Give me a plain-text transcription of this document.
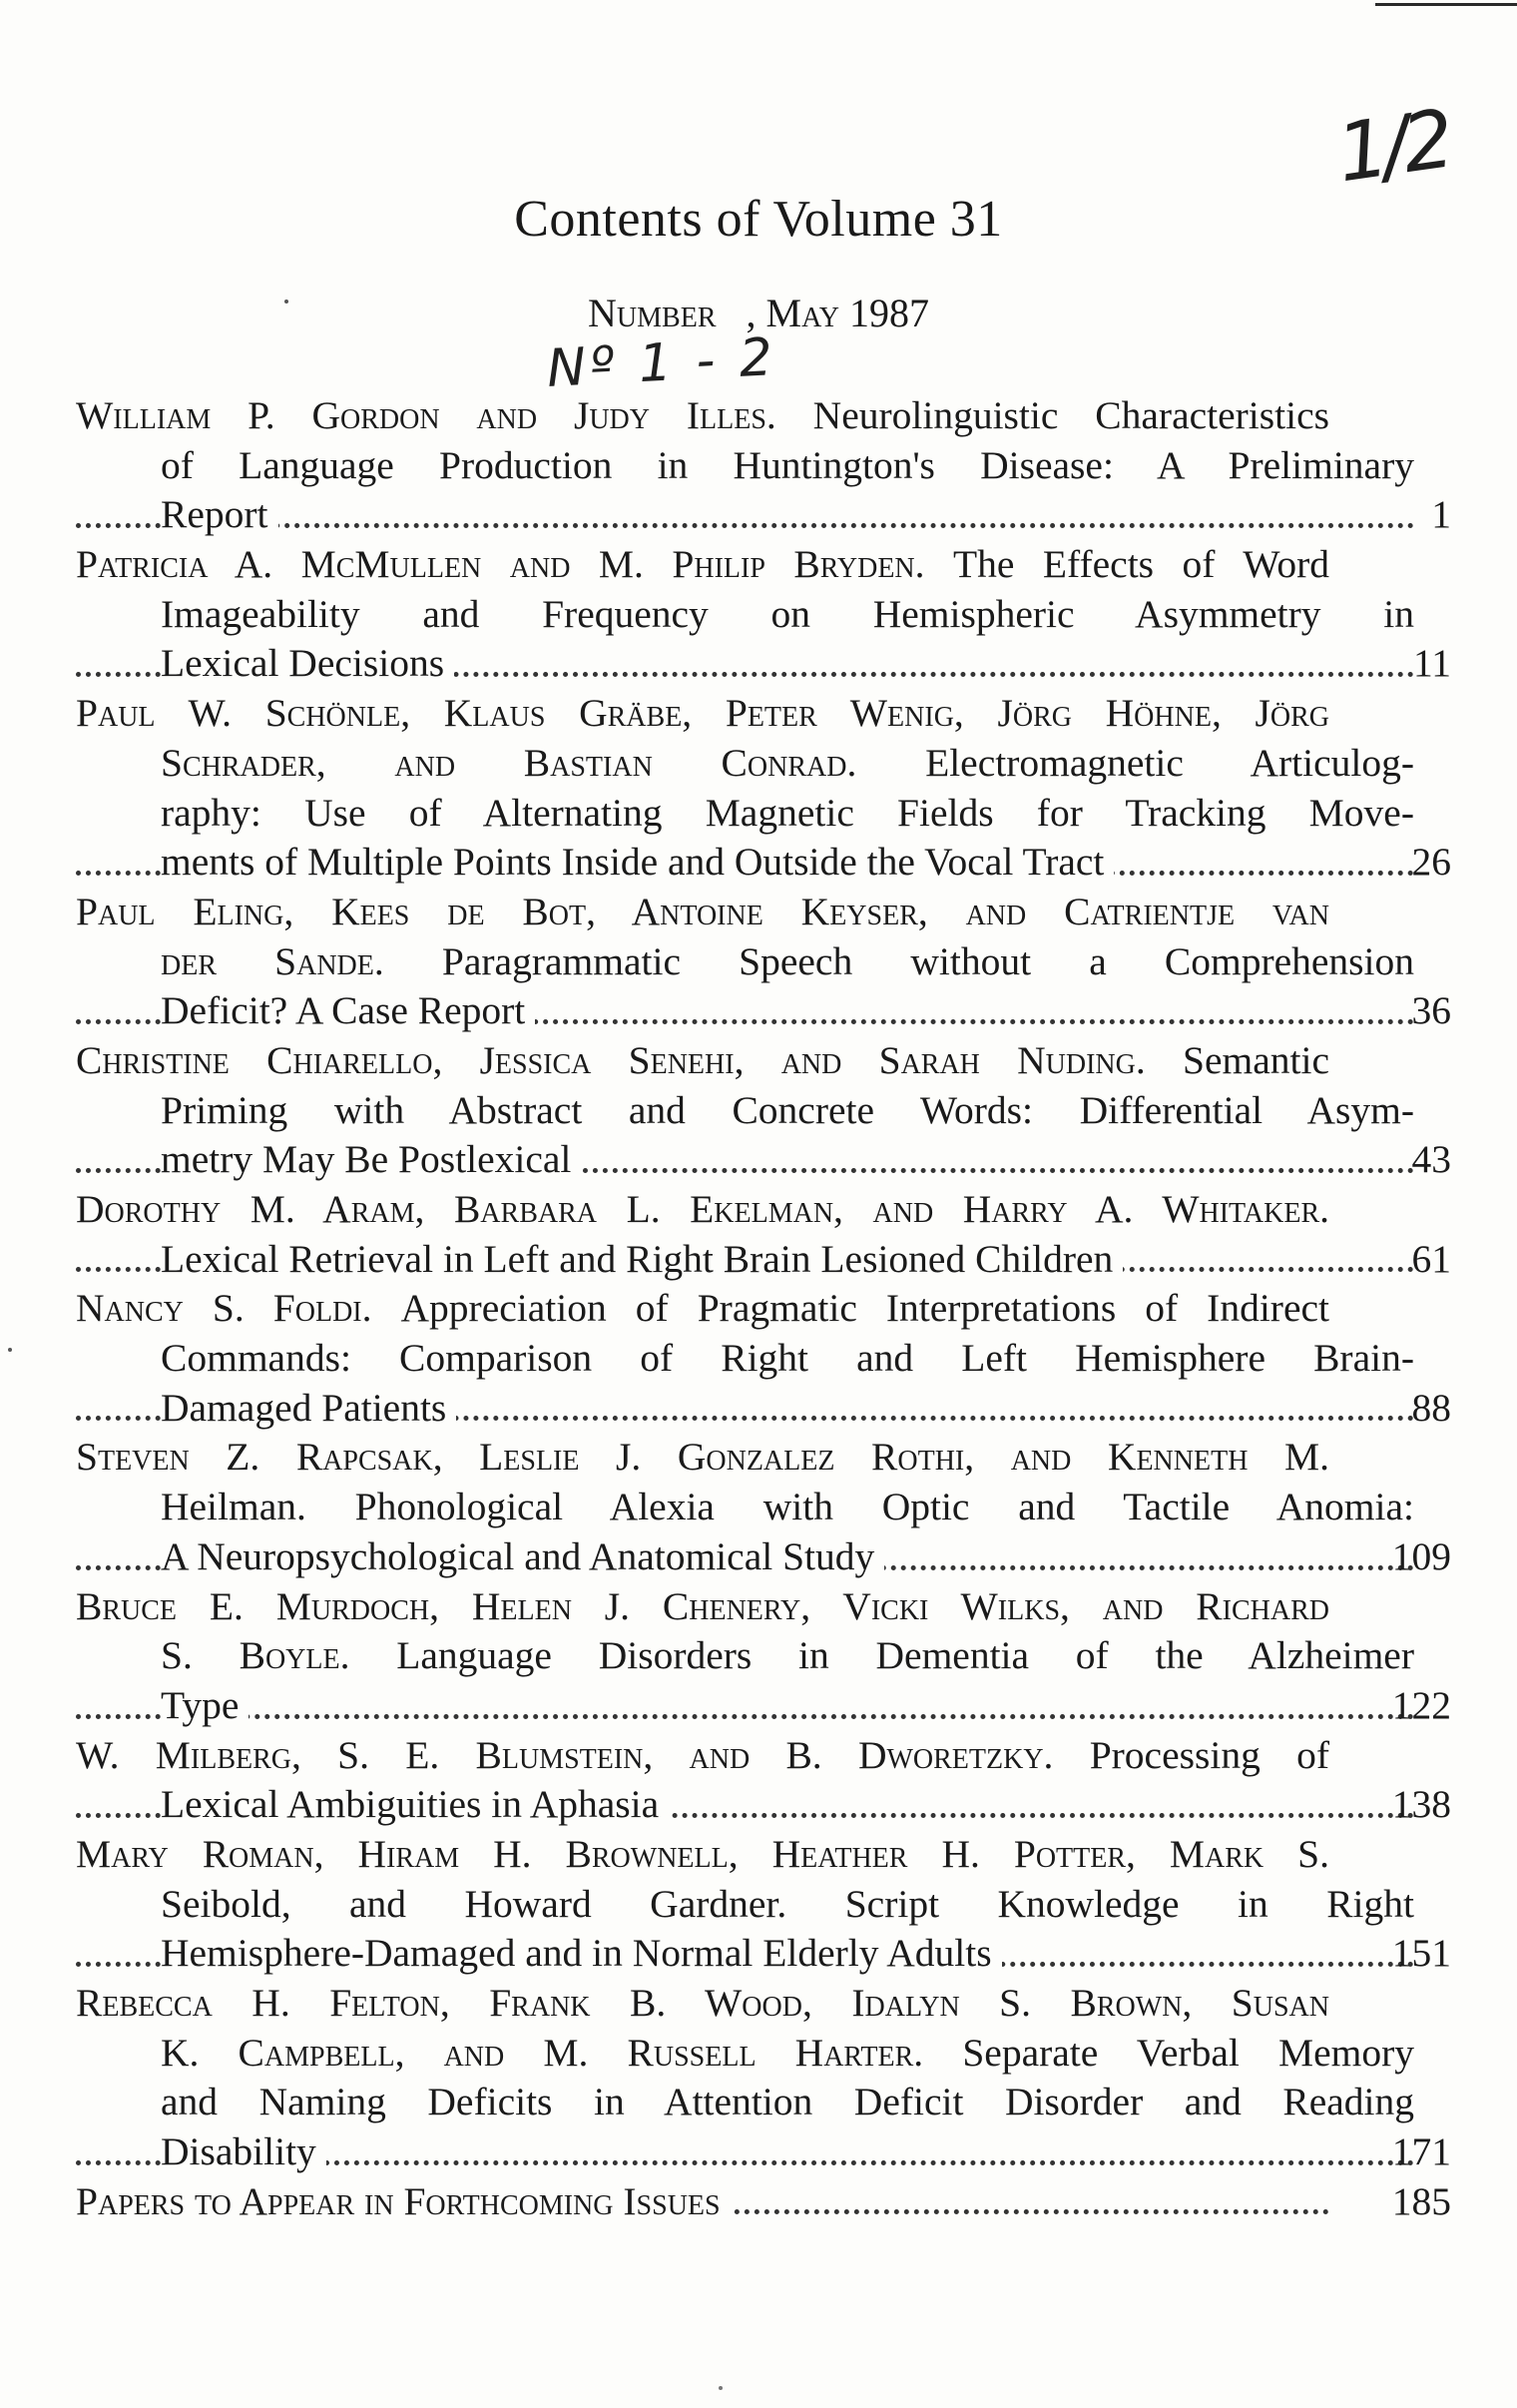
1/2
Nº 1 - 2
Contents of Volume 31
Number , May 1987
William P. Gordon and Judy Illes. Neurolinguistic Characteristics
of Language Production in Huntington's Disease: A Preliminary
Report	1
Patricia A. McMullen and M. Philip Bryden. The Effects of Word
Imageability and Frequency on Hemispheric Asymmetry in
Lexical Decisions	11
Paul W. Schönle, Klaus Gräbe, Peter Wenig, Jörg Höhne, Jörg
Schrader, and Bastian Conrad. Electromagnetic Articulog-
raphy: Use of Alternating Magnetic Fields for Tracking Move-
ments of Multiple Points Inside and Outside the Vocal Tract	26
Paul Eling, Kees de Bot, Antoine Keyser, and Catrientje van
der Sande. Paragrammatic Speech without a Comprehension
Deficit? A Case Report	36
Christine Chiarello, Jessica Senehi, and Sarah Nuding. Semantic
Priming with Abstract and Concrete Words: Differential Asym-
metry May Be Postlexical	43
Dorothy M. Aram, Barbara L. Ekelman, and Harry A. Whitaker.
Lexical Retrieval in Left and Right Brain Lesioned Children	61
Nancy S. Foldi. Appreciation of Pragmatic Interpretations of Indirect
Commands: Comparison of Right and Left Hemisphere Brain-
Damaged Patients	88
Steven Z. Rapcsak, Leslie J. Gonzalez Rothi, and Kenneth M.
Heilman. Phonological Alexia with Optic and Tactile Anomia:
A Neuropsychological and Anatomical Study	109
Bruce E. Murdoch, Helen J. Chenery, Vicki Wilks, and Richard
S. Boyle. Language Disorders in Dementia of the Alzheimer
Type	122
W. Milberg, S. E. Blumstein, and B. Dworetzky. Processing of
Lexical Ambiguities in Aphasia	138
Mary Roman, Hiram H. Brownell, Heather H. Potter, Mark S.
Seibold, and Howard Gardner. Script Knowledge in Right
Hemisphere-Damaged and in Normal Elderly Adults	151
Rebecca H. Felton, Frank B. Wood, Idalyn S. Brown, Susan
K. Campbell, and M. Russell Harter. Separate Verbal Memory
and Naming Deficits in Attention Deficit Disorder and Reading
Disability	171
Papers to Appear in Forthcoming Issues	185
